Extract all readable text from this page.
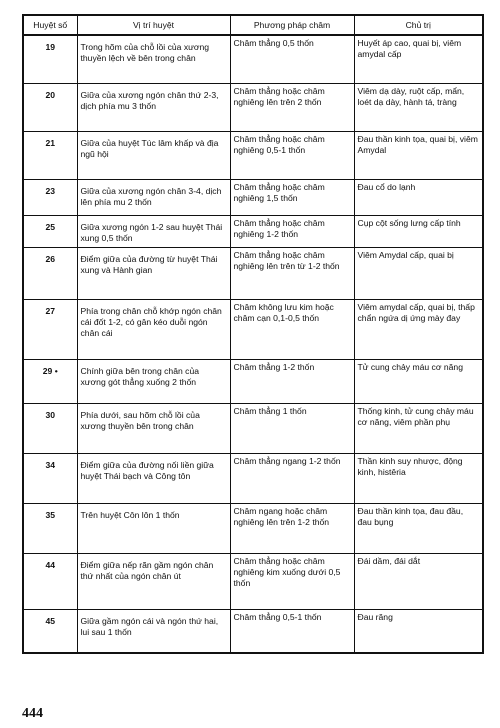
Huyệt số	Vị trí huyệt	Phương pháp châm	Chủ trị
19	Trong hõm của chỗ lồi của xương thuyền lệch về bên trong chân	Châm thẳng 0,5 thốn	Huyết áp cao, quai bị, viêm amydal cấp
20	Giữa của xương ngón chân thứ 2-3, dịch phía mu 3 thốn	Châm thẳng hoặc châm nghiêng lên trên 2 thốn	Viêm dạ dày, ruột cấp, mẩn, loét dạ dày, hành tá, tràng
21	Giữa của huyệt Túc lâm khấp và địa ngũ hội	Châm thẳng hoặc châm nghiêng 0,5-1 thốn	Đau thần kinh tọa, quai bị, viêm Amydal
23	Giữa của xương ngón chân 3-4, dịch lên phía mu 2 thốn	Châm thẳng hoặc châm nghiêng 1,5 thốn	Đau cổ do lạnh
25	Giữa xương ngón 1-2 sau huyệt Thái xung 0,5 thốn	Châm thẳng hoặc châm nghiêng 1-2 thốn	Cụp cột sống lưng cấp tính
26	Điểm giữa của đường từ huyệt Thái xung và Hành gian	Châm thẳng hoặc châm nghiêng lên trên từ 1-2 thốn	Viêm Amydal cấp, quai bị
27	Phía trong chân chỗ khớp ngón chân cái đốt 1-2, có gân kéo duỗi ngón chân cái	Châm không lưu kim hoặc châm cạn 0,1-0,5 thốn	Viêm amydal cấp, quai bị, thấp chẩn ngứa dị ứng mày đay
29 •	Chính giữa bên trong chân của xương gót thẳng xuống 2 thốn	Châm thẳng 1-2 thốn	Tử cung chảy máu cơ năng
30	Phía dưới, sau hõm chỗ lồi của xương thuyền bên trong chân	Châm thẳng 1 thốn	Thống kinh, tử cung chảy máu cơ năng, viêm phần phụ
34	Điểm giữa của đường nối liền giữa huyệt Thái bạch và Công tôn	Châm thẳng ngang 1-2 thốn	Thần kinh suy nhược, động kinh, histêria
35	Trên huyệt Côn lôn 1 thốn	Châm ngang hoặc châm nghiêng lên trên 1-2 thốn	Đau thần kinh tọa, đau đầu, đau bụng
44	Điểm giữa nếp rãn gầm ngón chân thứ nhất của ngón chân út	Châm thẳng hoặc châm nghiêng kim xuống dưới 0,5 thốn	Đái dầm, đái dắt
45	Giữa gầm ngón cái và ngón thứ hai, lui sau 1 thốn	Châm thẳng 0,5-1 thốn	Đau răng
444
